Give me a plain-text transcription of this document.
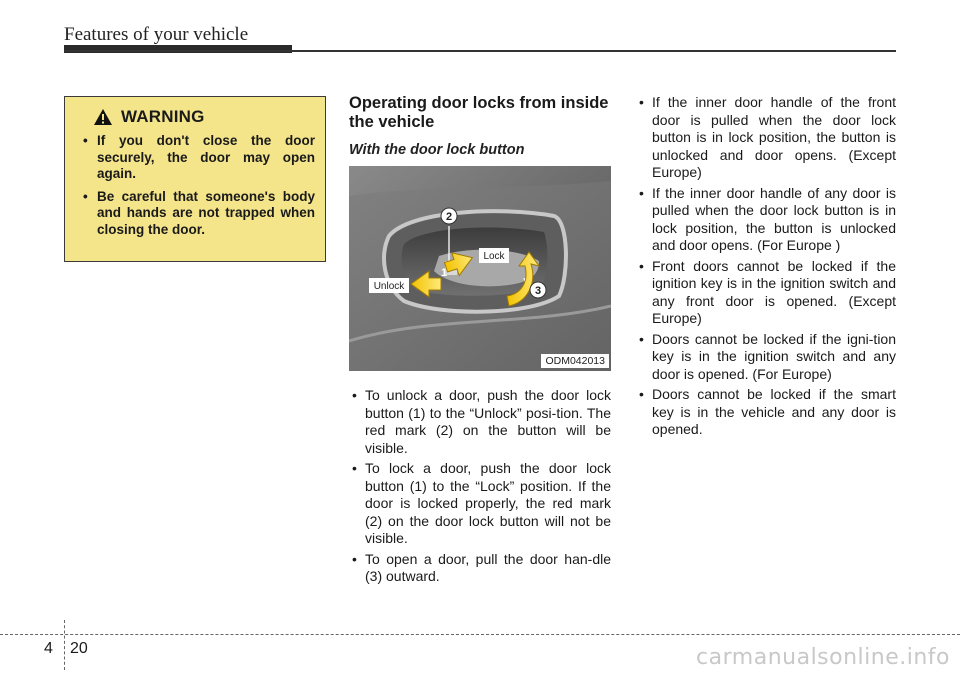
Features of your vehicle
WARNING
• If you don't close the door securely, the door may open again.
• Be careful that someone's body and hands are not trapped when closing the door.
Operating door locks from inside the vehicle
With the door lock button
2
3
1
Unlock
Lock
ODM042013
• To unlock a door, push the door lock button (1) to the “Unlock” posi-tion. The red mark (2) on the button will be visible.
• To lock a door, push the door lock button (1) to the “Lock” position. If the door is locked properly, the red mark (2) on the door lock button will not be visible.
• To open a door, pull the door han-dle (3) outward.
• If the inner door handle of the front door is pulled when the door lock button is in lock position, the button is unlocked and door opens. (Except Europe)
• If the inner door handle of any door is pulled when the door lock button is in lock position, the button is unlocked and door opens. (For Europe )
• Front doors cannot be locked if the ignition key is in the ignition switch and any front door is opened. (Except Europe)
• Doors cannot be locked if the igni-tion key is in the ignition switch and any door is opened. (For Europe)
• Doors cannot be locked if the smart key is in the vehicle and any door is opened.
4 20	carmanualsonline.info
